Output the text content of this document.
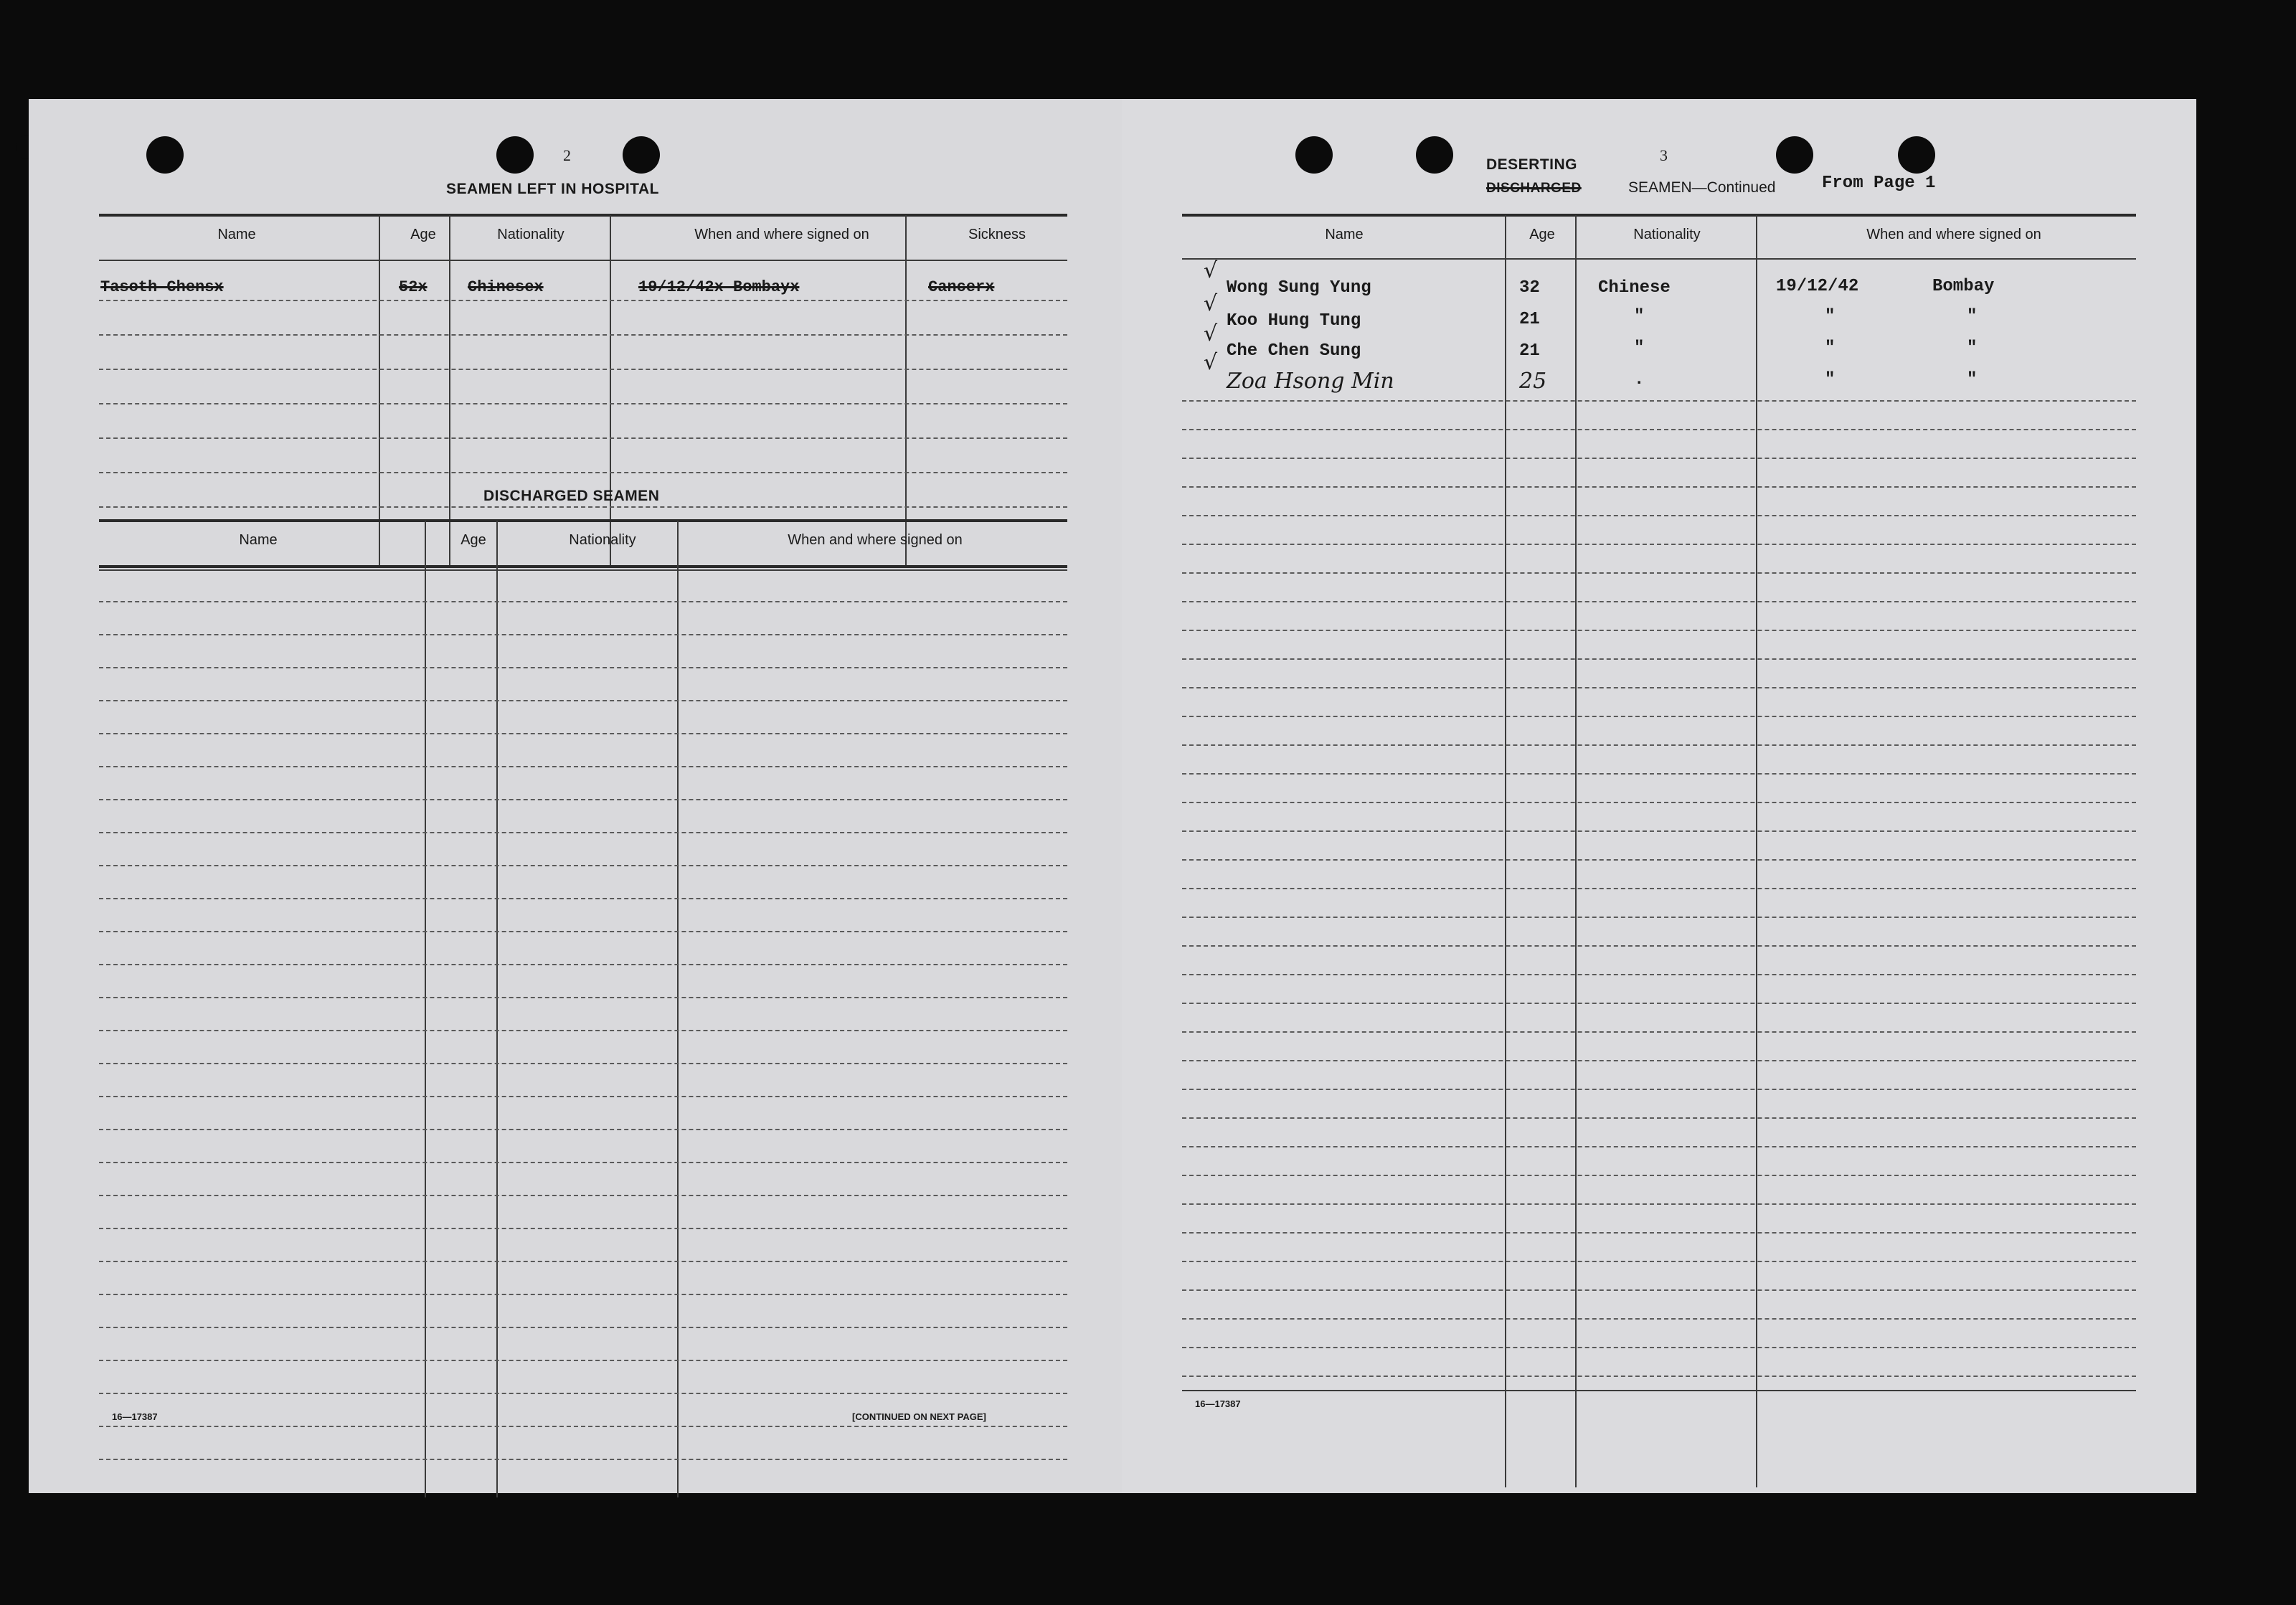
2
SEAMEN LEFT IN HOSPITAL
Name	Age	Nationality	When and where signed on	Sickness
Tasoth Chensx	52x	Chinesex	19/12/42x Bombayx	Cancerx
DISCHARGED SEAMEN
Name	Age	Nationality	When and where signed on
16—17387	[CONTINUED ON NEXT PAGE]
3
DESERTING
DISCHARGED	SEAMEN—Continued	From Page 1
Name	Age	Nationality	When and where signed on
√
Wong Sung Yung	32	Chinese	19/12/42	Bombay
√
Koo Hung Tung	21	"	"	"
√
Che Chen Sung	21	"	"	"
√
Zoa Hsong Min	25	.	"	"
16—17387
